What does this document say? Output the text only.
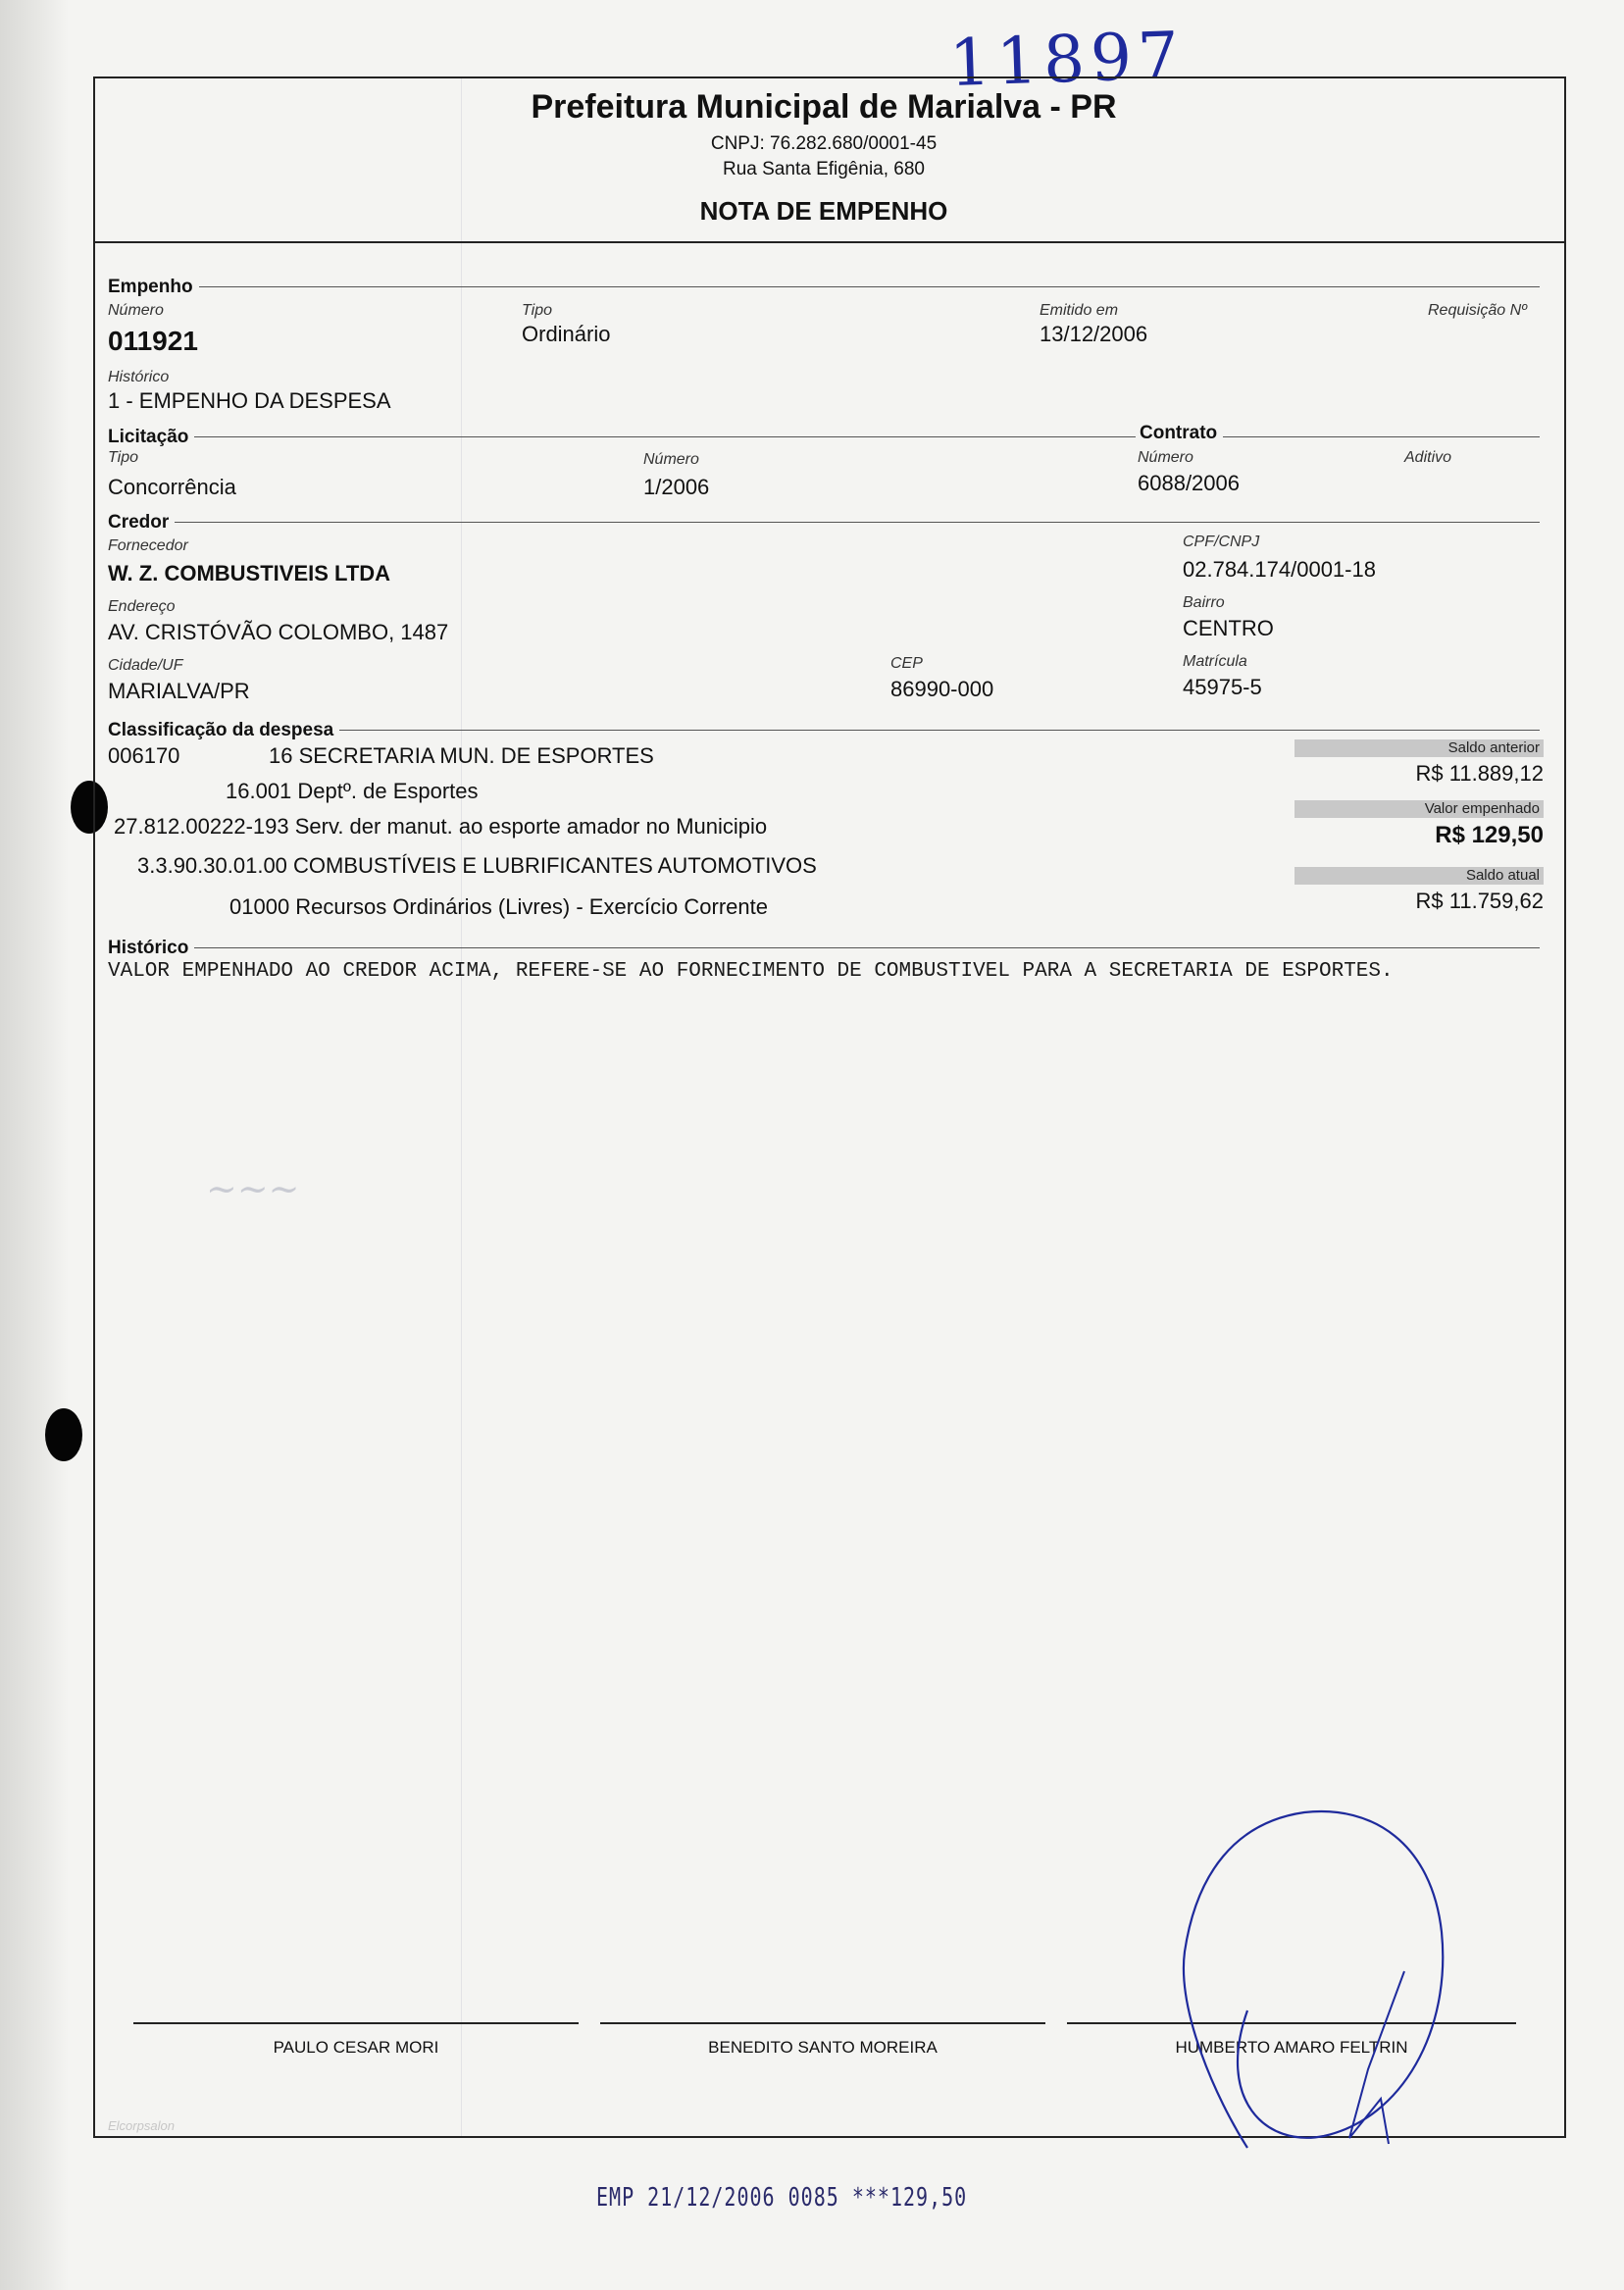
11897
Prefeitura Municipal de Marialva - PR
CNPJ: 76.282.680/0001-45
Rua Santa Efigênia, 680
NOTA DE EMPENHO
Empenho
Número
011921
Tipo
Ordinário
Emitido em
13/12/2006
Requisição Nº
Histórico
1 - EMPENHO DA DESPESA
Licitação	Contrato
Tipo
Concorrência
Número
1/2006
Número
6088/2006
Aditivo
Credor
Fornecedor
W. Z. COMBUSTIVEIS LTDA
CPF/CNPJ
02.784.174/0001-18
Endereço
AV. CRISTÓVÃO COLOMBO, 1487
Bairro
CENTRO
Cidade/UF
MARIALVA/PR
CEP
86990-000
Matrícula
45975-5
Classificação da despesa
006170	16 SECRETARIA MUN. DE ESPORTES
16.001 Deptº. de Esportes
27.812.00222-193 Serv. der manut. ao esporte amador no Municipio
3.3.90.30.01.00 COMBUSTÍVEIS E LUBRIFICANTES AUTOMOTIVOS
01000 Recursos Ordinários (Livres) - Exercício Corrente
Saldo anterior
R$ 11.889,12
Valor empenhado
R$ 129,50
Saldo atual
R$ 11.759,62
Histórico
VALOR EMPENHADO AO CREDOR ACIMA, REFERE-SE AO FORNECIMENTO DE COMBUSTIVEL PARA A SECRETARIA DE ESPORTES.
~~~
PAULO CESAR MORI	BENEDITO SANTO MOREIRA	HUMBERTO AMARO FELTRIN
Elcorpsalon
EMP 21/12/2006 0085 ***129,50
